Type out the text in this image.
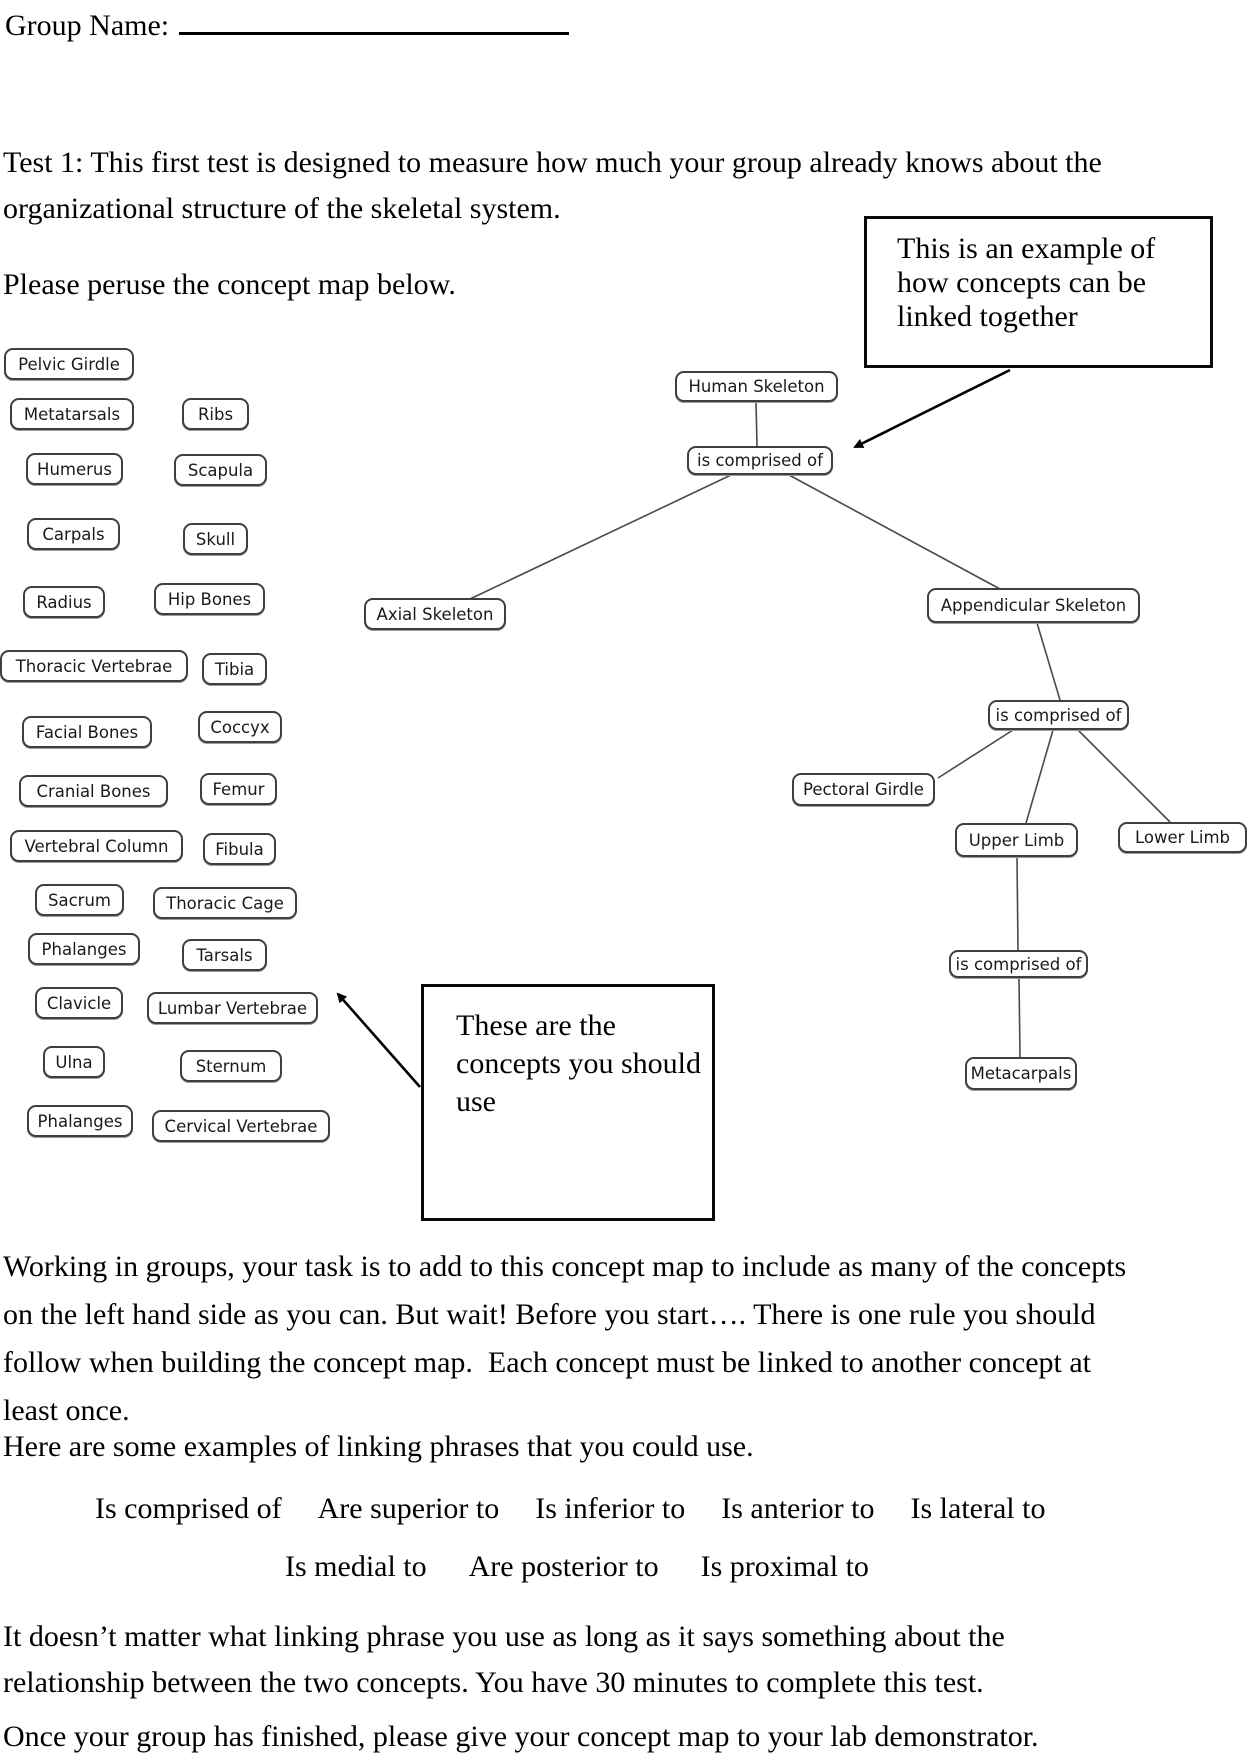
Group Name:
Test 1: This first test is designed to measure how much your group already knows about the
organizational structure of the skeletal system.
Please peruse the concept map below.
Pelvic Girdle
Metatarsals	Ribs
Humerus	Scapula
Carpals	Skull
Radius	Hip Bones
Thoracic Vertebrae	Tibia
Facial Bones	Coccyx
Cranial Bones	Femur
Vertebral Column	Fibula
Sacrum	Thoracic Cage
Phalanges	Tarsals
Clavicle	Lumbar Vertebrae
Ulna	Sternum
Phalanges	Cervical Vertebrae
Human Skeleton
is comprised of
Axial Skeleton	Appendicular Skeleton
is comprised of
Pectoral Girdle
Upper Limb	Lower Limb
is comprised of
Metacarpals
This is an example of
how concepts can be
linked together
These are the
concepts you should
use
Working in groups, your task is to add to this concept map to include as many of the concepts
on the left hand side as you can. But wait! Before you start…. There is one rule you should
follow when building the concept map.  Each concept must be linked to another concept at
least once.
Here are some examples of linking phrases that you could use.
Is comprised of Are superior to Is inferior to Is anterior to Is lateral to
Is medial to Are posterior to Is proximal to
It doesn’t matter what linking phrase you use as long as it says something about the
relationship between the two concepts. You have 30 minutes to complete this test.
Once your group has finished, please give your concept map to your lab demonstrator.
